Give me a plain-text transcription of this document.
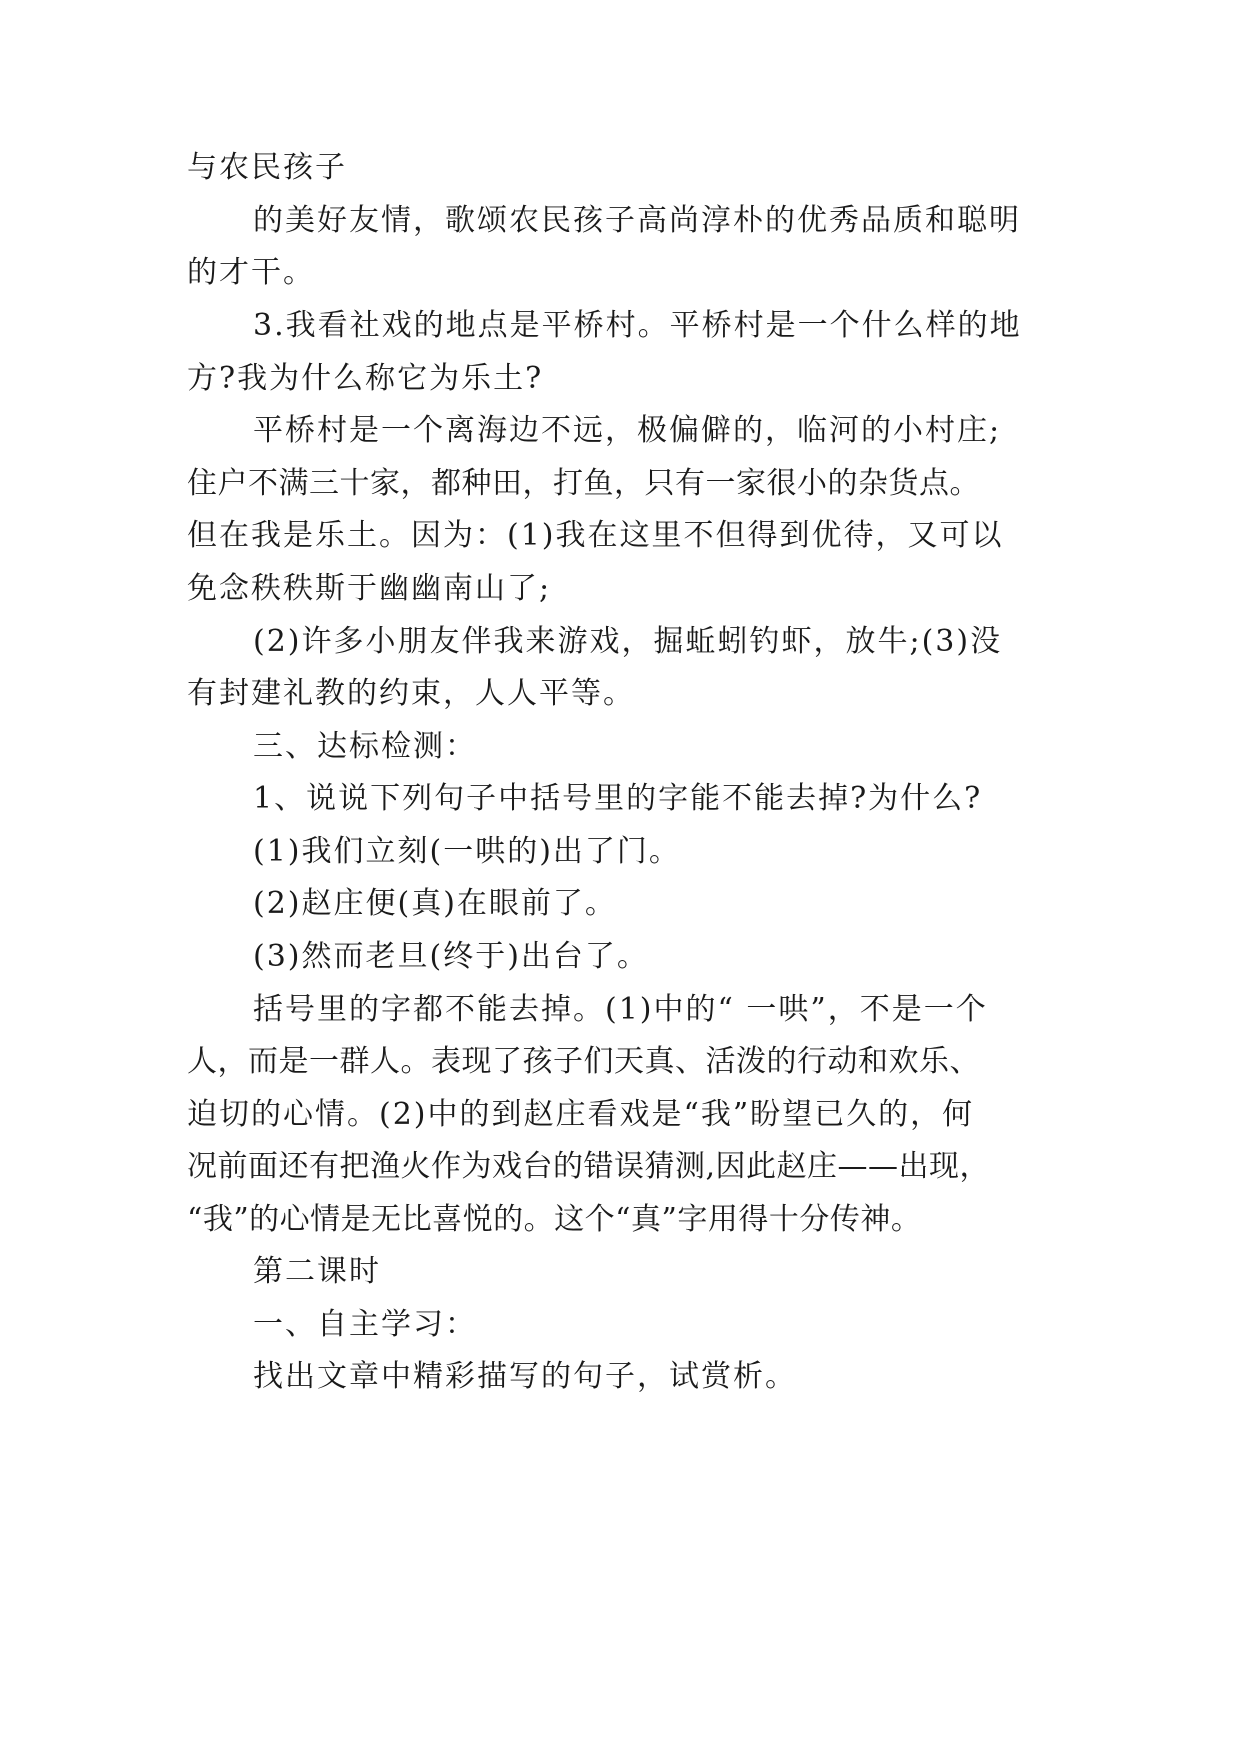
与农民孩子
的美好友情，歌颂农民孩子高尚淳朴的优秀品质和聪明
的才干。
3.我看社戏的地点是平桥村。平桥村是一个什么样的地
方?我为什么称它为乐土?
平桥村是一个离海边不远，极偏僻的，临河的小村庄;
住户不满三十家，都种田，打鱼，只有一家很小的杂货点。
但在我是乐土。因为：(1)我在这里不但得到优待，又可以
免念秩秩斯于幽幽南山了;
(2)许多小朋友伴我来游戏，掘蚯蚓钓虾，放牛;(3)没
有封建礼教的约束，人人平等。
三、达标检测：
1、说说下列句子中括号里的字能不能去掉?为什么?
(1)我们立刻(一哄的)出了门。
(2)赵庄便(真)在眼前了。
(3)然而老旦(终于)出台了。
括号里的字都不能去掉。(1)中的“ 一哄”，不是一个
人，而是一群人。表现了孩子们天真、活泼的行动和欢乐、
迫切的心情。(2)中的到赵庄看戏是“我”盼望已久的，何
况前面还有把渔火作为戏台的错误猜测,因此赵庄——出现，
“我”的心情是无比喜悦的。这个“真”字用得十分传神。
第二课时
一、自主学习：
找出文章中精彩描写的句子，试赏析。
